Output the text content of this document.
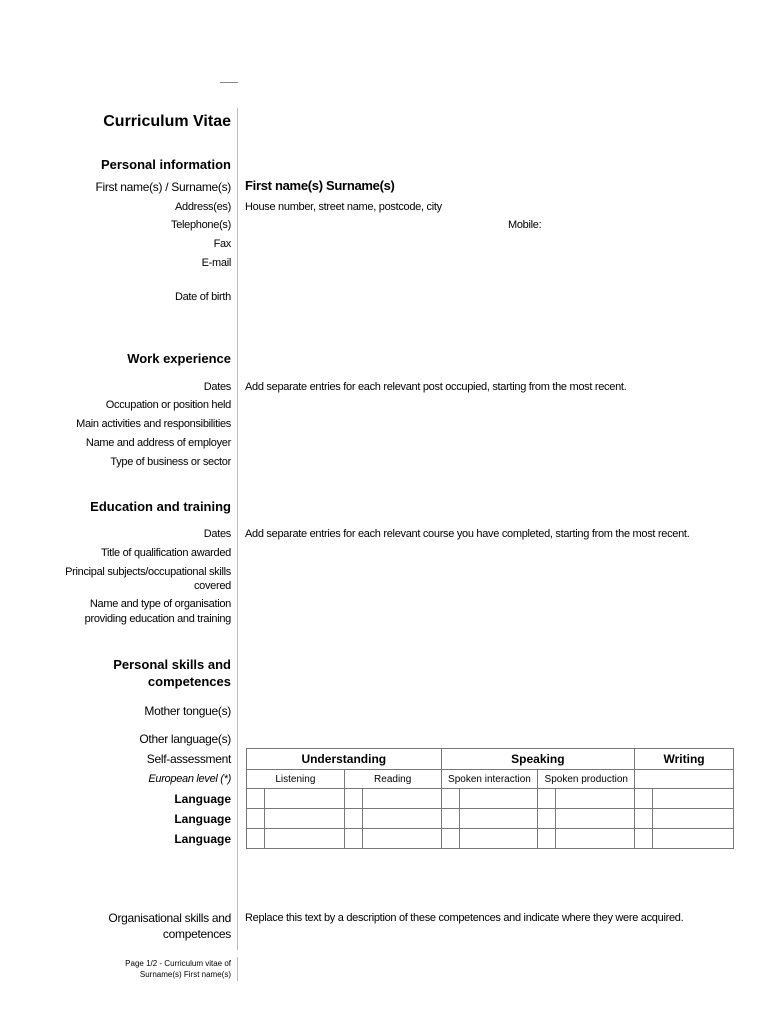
Curriculum Vitae
Personal information
First name(s) / Surname(s) First name(s) Surname(s)
Address(es) House number, street name, postcode, city
Telephone(s)	Mobile:
Fax
E-mail
Date of birth
Work experience
Dates Add separate entries for each relevant post occupied, starting from the most recent.
Occupation or position held
Main activities and responsibilities
Name and address of employer
Type of business or sector
Education and training
Dates Add separate entries for each relevant course you have completed, starting from the most recent.
Title of qualification awarded
Principal subjects/occupational skills
covered
Name and type of organisation
providing education and training
Personal skills and
competences
Mother tongue(s)
Other language(s)
Self-assessment
European level (*)
Language
Language
Language
Understanding				Speaking				Writing	
Listening		Reading		Spoken interaction		Spoken production			

Organisational skills and
competences
Replace this text by a description of these competences and indicate where they were acquired.
Page 1/2 - Curriculum vitae of
Surname(s) First name(s)
